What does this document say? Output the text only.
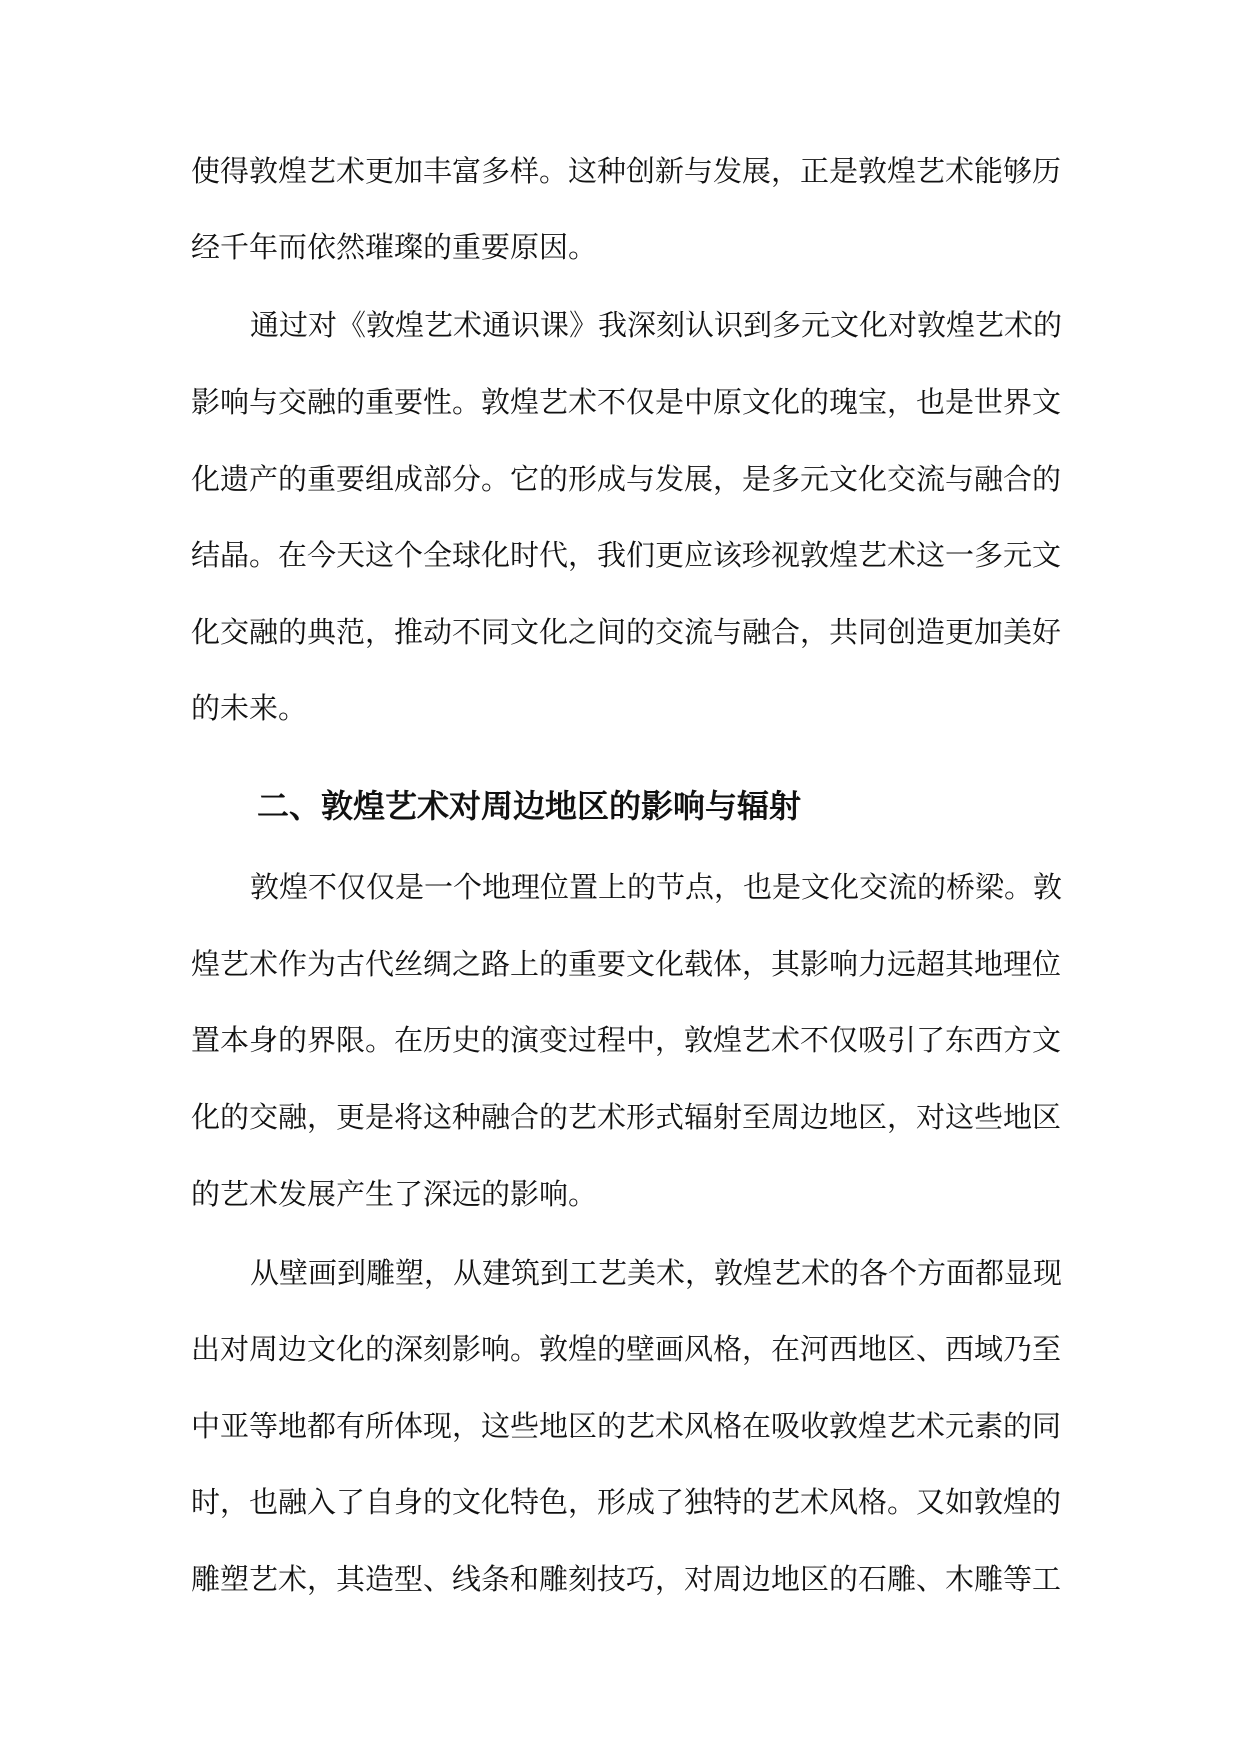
使得敦煌艺术更加丰富多样。这种创新与发展，正是敦煌艺术能够历

经千年而依然璀璨的重要原因。

通过对《敦煌艺术通识课》我深刻认识到多元文化对敦煌艺术的

影响与交融的重要性。敦煌艺术不仅是中原文化的瑰宝，也是世界文

化遗产的重要组成部分。它的形成与发展，是多元文化交流与融合的

结晶。在今天这个全球化时代，我们更应该珍视敦煌艺术这一多元文

化交融的典范，推动不同文化之间的交流与融合，共同创造更加美好

的未来。

二、敦煌艺术对周边地区的影响与辐射

敦煌不仅仅是一个地理位置上的节点，也是文化交流的桥梁。敦

煌艺术作为古代丝绸之路上的重要文化载体，其影响力远超其地理位

置本身的界限。在历史的演变过程中，敦煌艺术不仅吸引了东西方文

化的交融，更是将这种融合的艺术形式辐射至周边地区，对这些地区

的艺术发展产生了深远的影响。

从壁画到雕塑，从建筑到工艺美术，敦煌艺术的各个方面都显现

出对周边文化的深刻影响。敦煌的壁画风格，在河西地区、西域乃至

中亚等地都有所体现，这些地区的艺术风格在吸收敦煌艺术元素的同

时，也融入了自身的文化特色，形成了独特的艺术风格。又如敦煌的

雕塑艺术，其造型、线条和雕刻技巧，对周边地区的石雕、木雕等工
